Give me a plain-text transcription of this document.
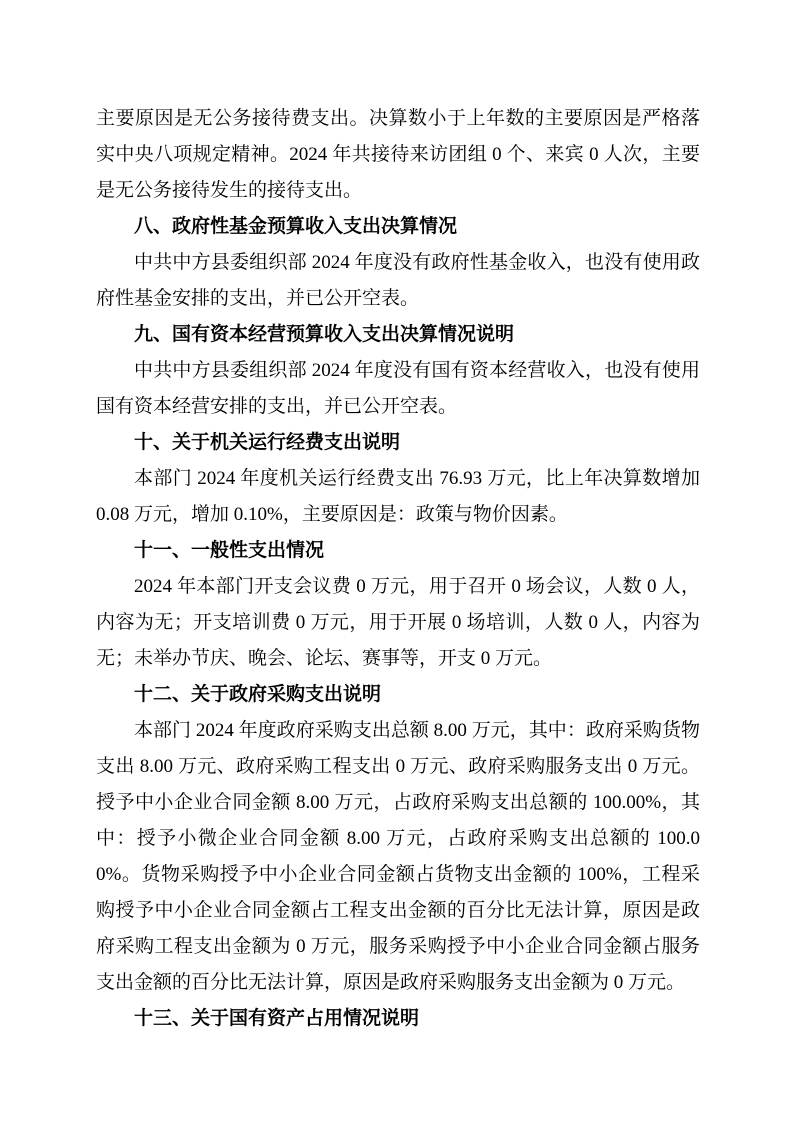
主要原因是无公务接待费支出。决算数小于上年数的主要原因是严格落实中央八项规定精神。2024 年共接待来访团组 0 个、来宾 0 人次，主要是无公务接待发生的接待支出。

八、政府性基金预算收入支出决算情况

中共中方县委组织部 2024 年度没有政府性基金收入，也没有使用政府性基金安排的支出，并已公开空表。

九、国有资本经营预算收入支出决算情况说明

中共中方县委组织部 2024 年度没有国有资本经营收入，也没有使用国有资本经营安排的支出，并已公开空表。

十、关于机关运行经费支出说明

本部门 2024 年度机关运行经费支出 76.93 万元，比上年决算数增加 0.08 万元，增加 0.10%，主要原因是：政策与物价因素。

十一、一般性支出情况

2024 年本部门开支会议费 0 万元，用于召开 0 场会议，人数 0 人，内容为无；开支培训费 0 万元，用于开展 0 场培训，人数 0 人，内容为无；未举办节庆、晚会、论坛、赛事等，开支 0 万元。

十二、关于政府采购支出说明

本部门 2024 年度政府采购支出总额 8.00 万元，其中：政府采购货物支出 8.00 万元、政府采购工程支出 0 万元、政府采购服务支出 0 万元。授予中小企业合同金额 8.00 万元，占政府采购支出总额的 100.00%，其中：授予小微企业合同金额 8.00 万元，占政府采购支出总额的 100.00%。货物采购授予中小企业合同金额占货物支出金额的 100%，工程采购授予中小企业合同金额占工程支出金额的百分比无法计算，原因是政府采购工程支出金额为 0 万元，服务采购授予中小企业合同金额占服务支出金额的百分比无法计算，原因是政府采购服务支出金额为 0 万元。

十三、关于国有资产占用情况说明
